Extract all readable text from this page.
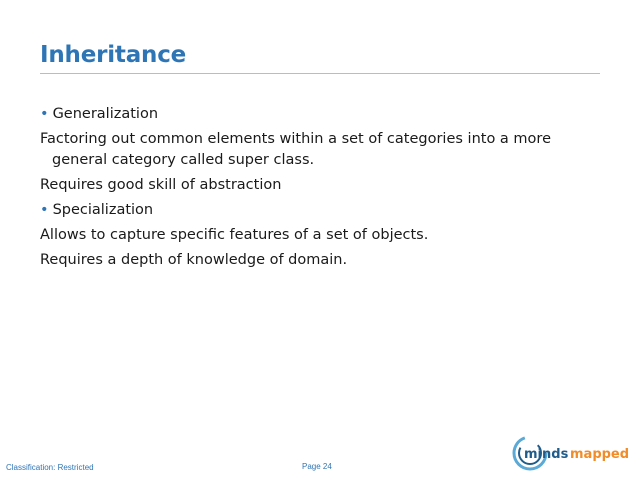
Inheritance
• Generalization
Factoring out common elements within a set of categories into a more
general category called super class.
Requires good skill of abstraction
• Specialization
Allows to capture specific features of a set of objects.
Requires a depth of knowledge of domain.
Classification: Restricted	Page 24
minds mapped
